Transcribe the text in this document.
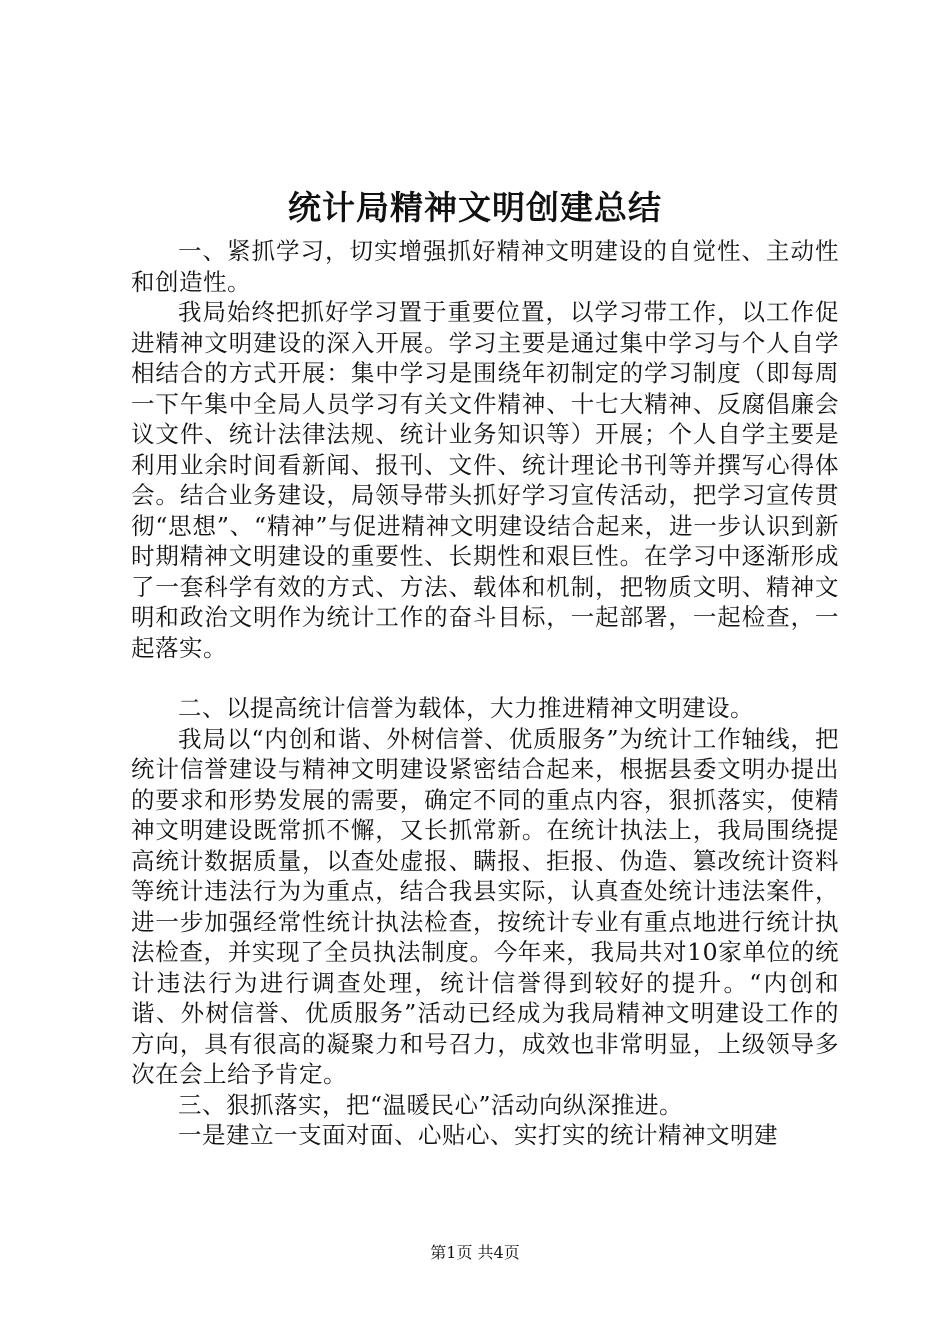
统计局精神文明创建总结

一、紧抓学习，切实增强抓好精神文明建设的自觉性、主动性和创造性。

我局始终把抓好学习置于重要位置，以学习带工作，以工作促进精神文明建设的深入开展。学习主要是通过集中学习与个人自学相结合的方式开展：集中学习是围绕年初制定的学习制度（即每周一下午集中全局人员学习有关文件精神、十七大精神、反腐倡廉会议文件、统计法律法规、统计业务知识等）开展；个人自学主要是利用业余时间看新闻、报刊、文件、统计理论书刊等并撰写心得体会。结合业务建设，局领导带头抓好学习宣传活动，把学习宣传贯彻“思想”、“精神”与促进精神文明建设结合起来，进一步认识到新时期精神文明建设的重要性、长期性和艰巨性。在学习中逐渐形成了一套科学有效的方式、方法、载体和机制，把物质文明、精神文明和政治文明作为统计工作的奋斗目标，一起部署，一起检查，一起落实。

二、以提高统计信誉为载体，大力推进精神文明建设。

我局以“内创和谐、外树信誉、优质服务”为统计工作轴线，把统计信誉建设与精神文明建设紧密结合起来，根据县委文明办提出的要求和形势发展的需要，确定不同的重点内容，狠抓落实，使精神文明建设既常抓不懈，又长抓常新。在统计执法上，我局围绕提高统计数据质量，以查处虚报、瞒报、拒报、伪造、篡改统计资料等统计违法行为为重点，结合我县实际，认真查处统计违法案件，进一步加强经常性统计执法检查，按统计专业有重点地进行统计执法检查，并实现了全员执法制度。今年来，我局共对10家单位的统计违法行为进行调查处理，统计信誉得到较好的提升。“内创和谐、外树信誉、优质服务”活动已经成为我局精神文明建设工作的方向，具有很高的凝聚力和号召力，成效也非常明显，上级领导多次在会上给予肯定。

三、狠抓落实，把“温暖民心”活动向纵深推进。

一是建立一支面对面、心贴心、实打实的统计精神文明建

第1页 共4页
